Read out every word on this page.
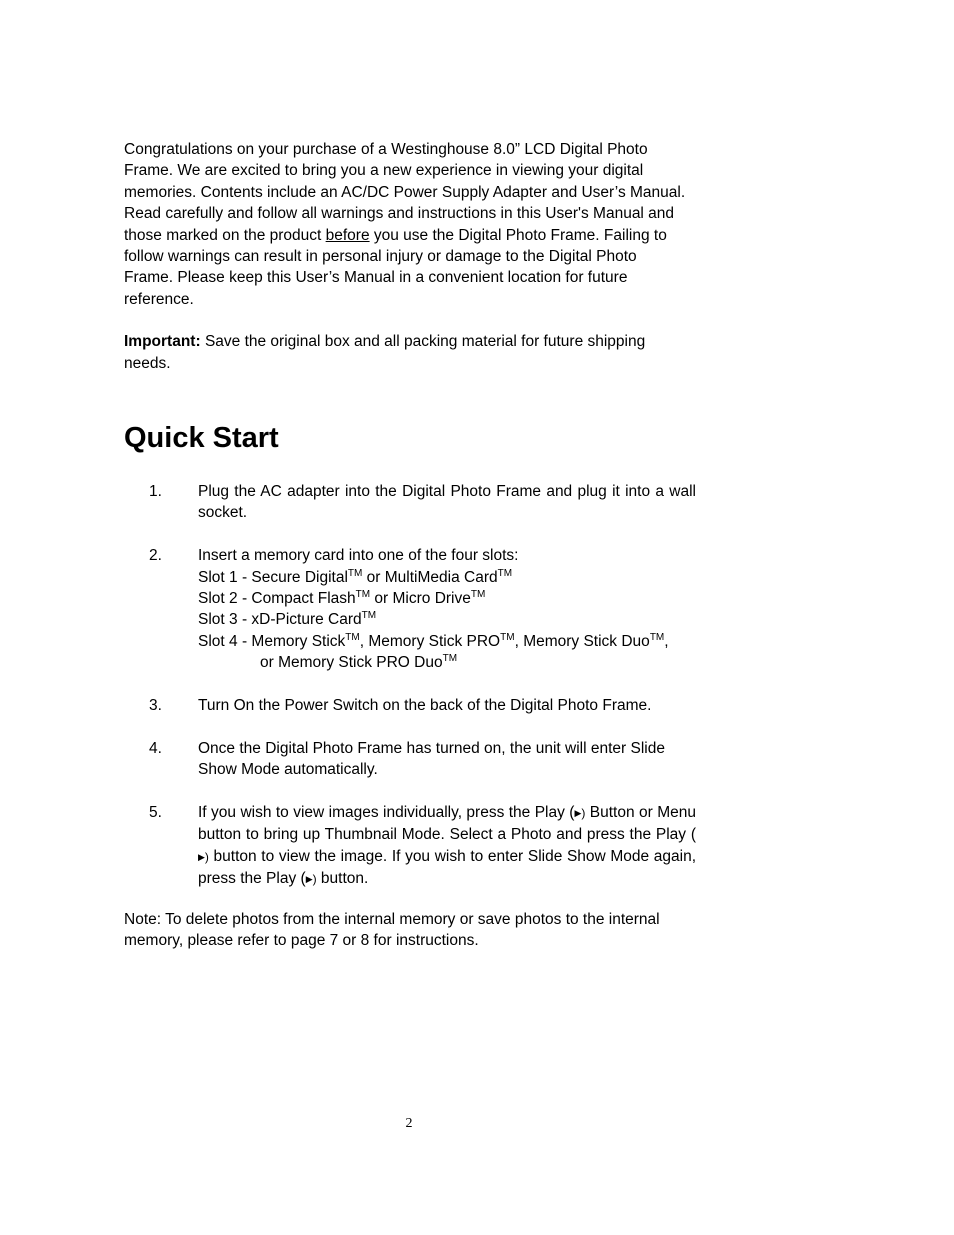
Congratulations on your purchase of a Westinghouse 8.0” LCD Digital Photo Frame. We are excited to bring you a new experience in viewing your digital memories. Contents include an AC/DC Power Supply Adapter and User’s Manual. Read carefully and follow all warnings and instructions in this User's Manual and those marked on the product before you use the Digital Photo Frame. Failing to follow warnings can result in personal injury or damage to the Digital Photo Frame. Please keep this User’s Manual in a convenient location for future reference.

Important: Save the original box and all packing material for future shipping needs.

Quick Start
1.	Plug the AC adapter into the Digital Photo Frame and plug it into a wall socket.
2.	Insert a memory card into one of the four slots:
Slot 1 - Secure Digital™ or MultiMedia Card™
Slot 2 - Compact Flash™ or Micro Drive™
Slot 3 - xD-Picture Card™
Slot 4 - Memory Stick™, Memory Stick PRO™, Memory Stick Duo™,
or Memory Stick PRO Duo™
3.	Turn On the Power Switch on the back of the Digital Photo Frame.
4.	Once the Digital Photo Frame has turned on, the unit will enter Slide Show Mode automatically.
5.	If you wish to view images individually, press the Play (▶) Button or Menu button to bring up Thumbnail Mode. Select a Photo and press the Play (▶) button to view the image. If you wish to enter Slide Show Mode again, press the Play (▶) button.

Note: To delete photos from the internal memory or save photos to the internal memory, please refer to page 7 or 8 for instructions.

2
